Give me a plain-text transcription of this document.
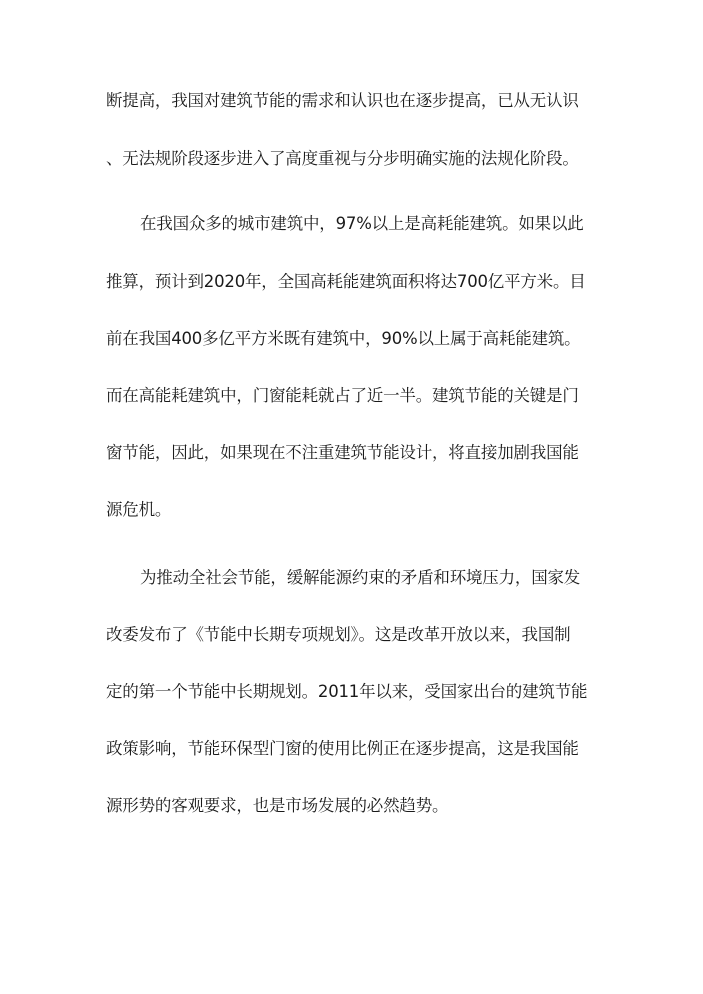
断提高，我国对建筑节能的需求和认识也在逐步提高，已从无认识
、无法规阶段逐步进入了高度重视与分步明确实施的法规化阶段。
在我国众多的城市建筑中，97%以上是高耗能建筑。如果以此
推算，预计到2020年，全国高耗能建筑面积将达700亿平方米。目
前在我国400多亿平方米既有建筑中，90%以上属于高耗能建筑。
而在高能耗建筑中，门窗能耗就占了近一半。建筑节能的关键是门
窗节能，因此，如果现在不注重建筑节能设计，将直接加剧我国能
源危机。
为推动全社会节能，缓解能源约束的矛盾和环境压力，国家发
改委发布了《节能中长期专项规划》。这是改革开放以来，我国制
定的第一个节能中长期规划。2011年以来，受国家出台的建筑节能
政策影响，节能环保型门窗的使用比例正在逐步提高，这是我国能
源形势的客观要求，也是市场发展的必然趋势。
